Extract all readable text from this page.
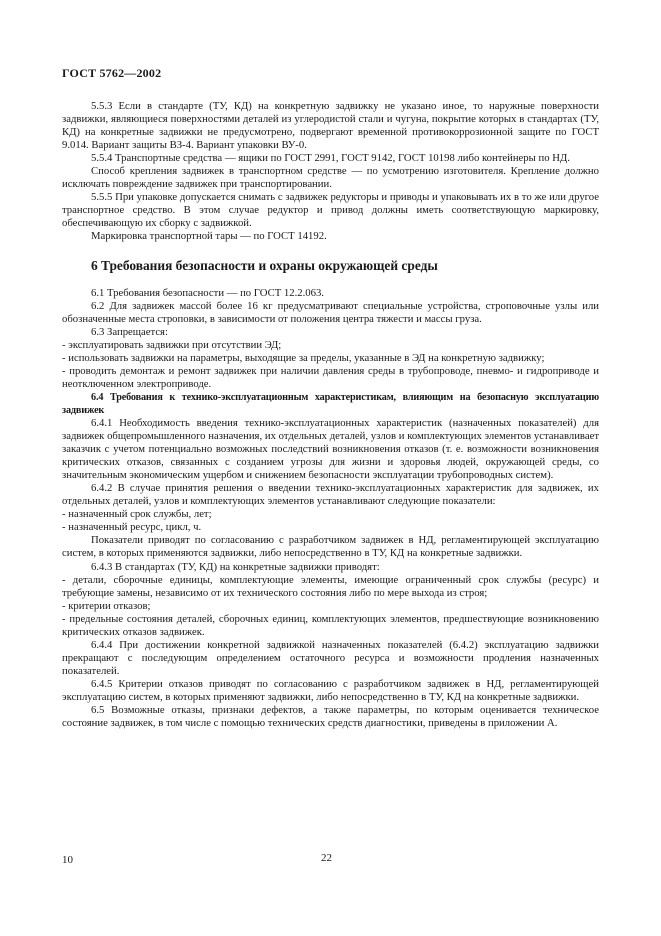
ГОСТ 5762—2002

5.5.3 Если в стандарте (ТУ, КД) на конкретную задвижку не указано иное, то наружные поверхности задвижки, являющиеся поверхностями деталей из углеродистой стали и чугуна, покрытие которых в стандартах (ТУ, КД) на конкретные задвижки не предусмотрено, подвергают временной противокоррозионной защите по ГОСТ 9.014. Вариант защиты ВЗ-4. Вариант упаковки ВУ-0.

5.5.4 Транспортные средства — ящики по ГОСТ 2991, ГОСТ 9142, ГОСТ 10198 либо контейнеры по НД.

Способ крепления задвижек в транспортном средстве — по усмотрению изготовителя. Крепление должно исключать повреждение задвижек при транспортировании.

5.5.5 При упаковке допускается снимать с задвижек редукторы и приводы и упаковывать их в то же или другое транспортное средство. В этом случае редуктор и привод должны иметь соответствующую маркировку, обеспечивающую их сборку с задвижкой.

Маркировка транспортной тары — по ГОСТ 14192.

6 Требования безопасности и охраны окружающей среды

6.1 Требования безопасности — по ГОСТ 12.2.063.

6.2 Для задвижек массой более 16 кг предусматривают специальные устройства, строповочные узлы или обозначенные места строповки, в зависимости от положения центра тяжести и массы груза.

6.3 Запрещается:

- эксплуатировать задвижки при отсутствии ЭД;

- использовать задвижки на параметры, выходящие за пределы, указанные в ЭД на конкретную задвижку;

- проводить демонтаж и ремонт задвижек при наличии давления среды в трубопроводе, пневмо- и гидроприводе и неотключенном электроприводе.

6.4 Требования к технико-эксплуатационным характеристикам, влияющим на безопасную эксплуатацию задвижек

6.4.1 Необходимость введения технико-эксплуатационных характеристик (назначенных показателей) для задвижек общепромышленного назначения, их отдельных деталей, узлов и комплектующих элементов устанавливает заказчик с учетом потенциально возможных последствий возникновения отказов (т. е. возможности возникновения критических отказов, связанных с созданием угрозы для жизни и здоровья людей, окружающей среды, со значительным экономическим ущербом и снижением безопасности эксплуатации трубопроводных систем).

6.4.2 В случае принятия решения о введении технико-эксплуатационных характеристик для задвижек, их отдельных деталей, узлов и комплектующих элементов устанавливают следующие показатели:

- назначенный срок службы, лет;

- назначенный ресурс, цикл, ч.

Показатели приводят по согласованию с разработчиком задвижек в НД, регламентирующей эксплуатацию систем, в которых применяются задвижки, либо непосредственно в ТУ, КД на конкретные задвижки.

6.4.3 В стандартах (ТУ, КД) на конкретные задвижки приводят:

- детали, сборочные единицы, комплектующие элементы, имеющие ограниченный срок службы (ресурс) и требующие замены, независимо от их технического состояния либо по мере выхода из строя;

- критерии отказов;

- предельные состояния деталей, сборочных единиц, комплектующих элементов, предшествующие возникновению критических отказов задвижек.

6.4.4 При достижении конкретной задвижкой назначенных показателей (6.4.2) эксплуатацию задвижки прекращают с последующим определением остаточного ресурса и возможности продления назначенных показателей.

6.4.5 Критерии отказов приводят по согласованию с разработчиком задвижек в НД, регламентирующей эксплуатацию систем, в которых применяют задвижки, либо непосредственно в ТУ, КД на конкретные задвижки.

6.5 Возможные отказы, признаки дефектов, а также параметры, по которым оценивается техническое состояние задвижек, в том числе с помощью технических средств диагностики, приведены в приложении А.

10	22
